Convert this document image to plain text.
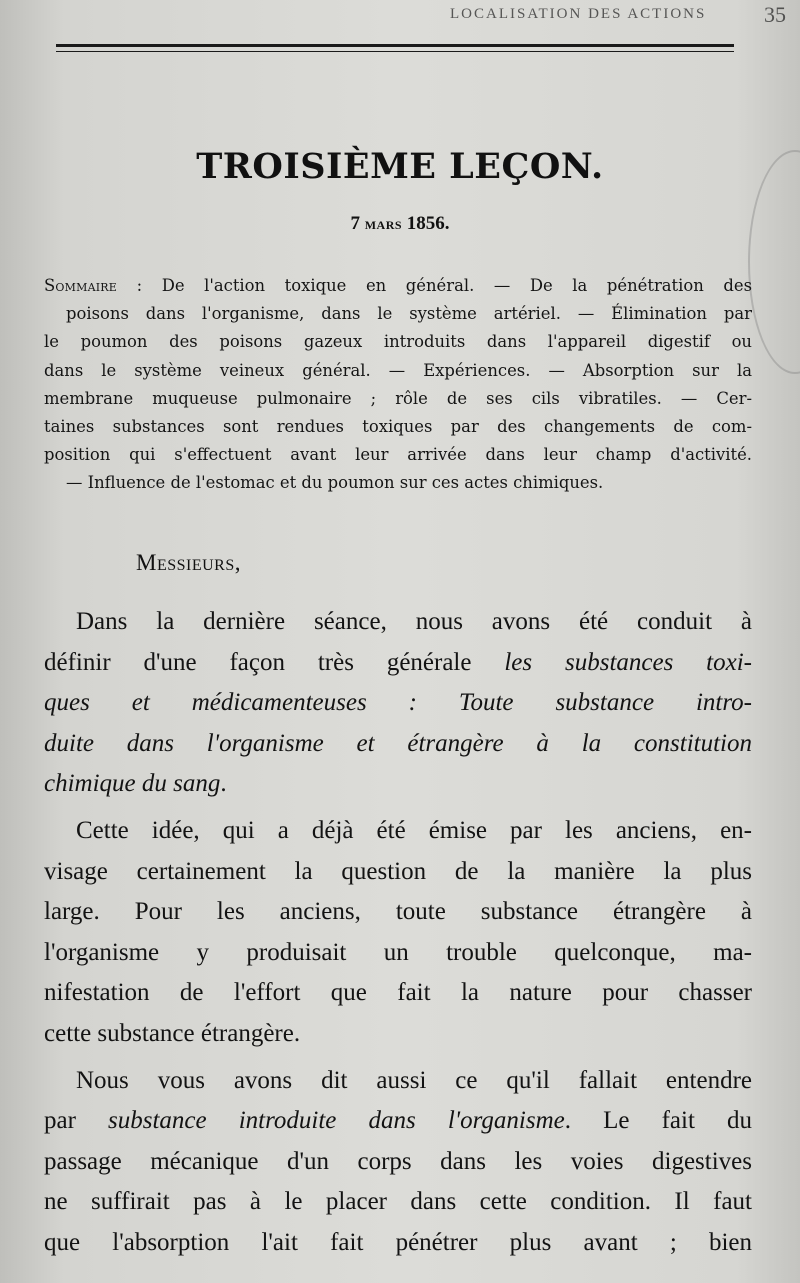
LOCALISATION DES ACTIONS	35
TROISIÈME LEÇON.
7 mars 1856.
Sommaire : De l'action toxique en général. — De la pénétration des
poisons dans l'organisme, dans le système artériel. — Élimination par
le poumon des poisons gazeux introduits dans l'appareil digestif ou
dans le système veineux général. — Expériences. — Absorption sur la
membrane muqueuse pulmonaire ; rôle de ses cils vibratiles. — Cer-
taines substances sont rendues toxiques par des changements de com-
position qui s'effectuent avant leur arrivée dans leur champ d'activité.
— Influence de l'estomac et du poumon sur ces actes chimiques.
Messieurs,
Dans la dernière séance, nous avons été conduit à
définir d'une façon très générale les substances toxi-
ques et médicamenteuses : Toute substance intro-
duite dans l'organisme et étrangère à la constitution
chimique du sang.
Cette idée, qui a déjà été émise par les anciens, en-
visage certainement la question de la manière la plus
large. Pour les anciens, toute substance étrangère à
l'organisme y produisait un trouble quelconque, ma-
nifestation de l'effort que fait la nature pour chasser
cette substance étrangère.
Nous vous avons dit aussi ce qu'il fallait entendre
par substance introduite dans l'organisme. Le fait du
passage mécanique d'un corps dans les voies digestives
ne suffirait pas à le placer dans cette condition. Il faut
que l'absorption l'ait fait pénétrer plus avant ; bien
